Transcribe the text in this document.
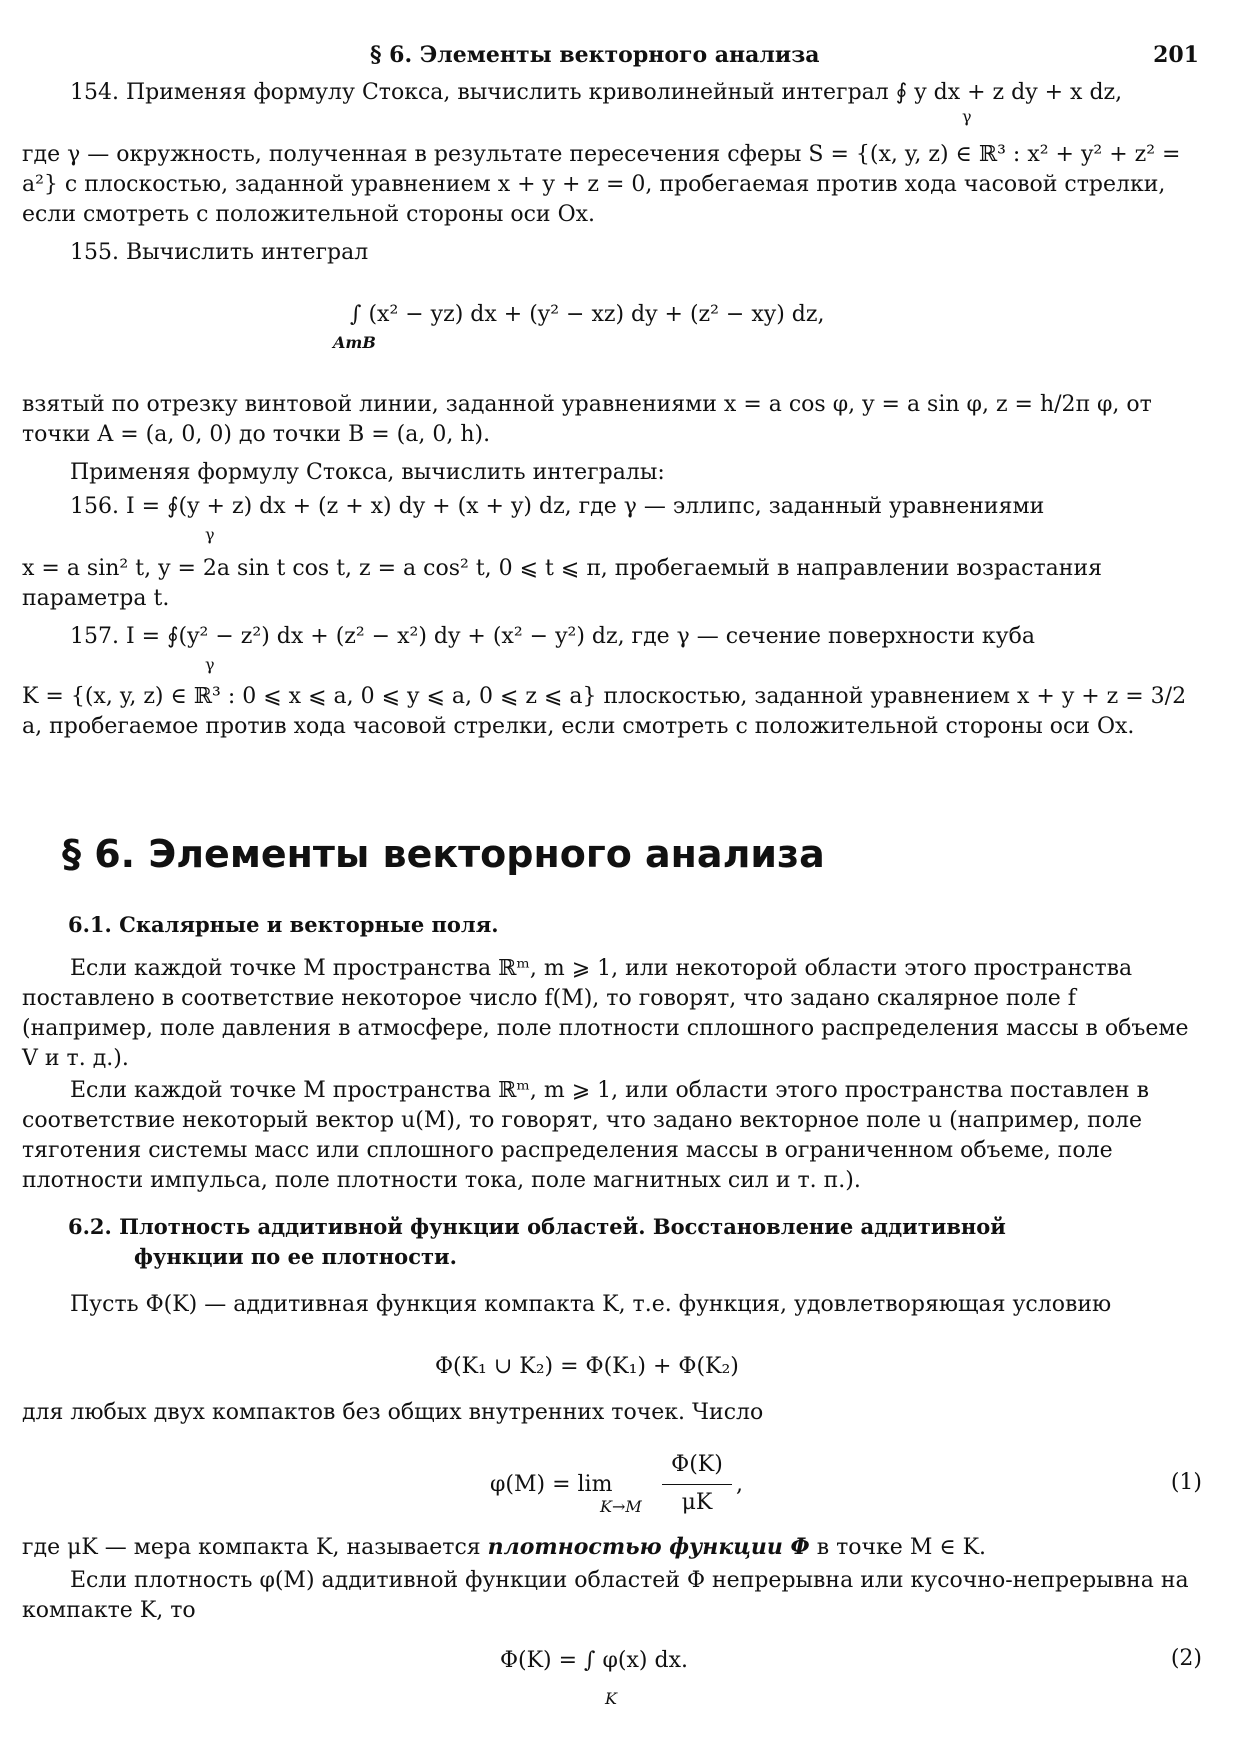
§ 6. Элементы векторного анализа	201
154. Применяя формулу Стокса, вычислить криволинейный интеграл ∮ y dx + z dy + x dz,
γ

где γ — окружность, полученная в результате пересечения сферы S = {(x, y, z) ∈ ℝ³ : x² + y² + z² = a²} с плоскостью, заданной уравнением x + y + z = 0, пробегаемая против хода часовой стрелки, если смотреть с положительной стороны оси Ox.

155. Вычислить интеграл
∫ (x² − yz) dx + (y² − xz) dy + (z² − xy) dz,
AmB

взятый по отрезку винтовой линии, заданной уравнениями x = a cos φ, y = a sin φ, z = h/2π φ, от точки A = (a, 0, 0) до точки B = (a, 0, h).

Применяя формулу Стокса, вычислить интегралы:
156. I = ∮(y + z) dx + (z + x) dy + (x + y) dz, где γ — эллипс, заданный уравнениями
γ

x = a sin² t, y = 2a sin t cos t, z = a cos² t, 0 ⩽ t ⩽ π, пробегаемый в направлении возрастания параметра t.

157. I = ∮(y² − z²) dx + (z² − x²) dy + (x² − y²) dz, где γ — сечение поверхности куба
γ

K = {(x, y, z) ∈ ℝ³ : 0 ⩽ x ⩽ a, 0 ⩽ y ⩽ a, 0 ⩽ z ⩽ a} плоскостью, заданной уравнением x + y + z = 3/2 a, пробегаемое против хода часовой стрелки, если смотреть с положительной стороны оси Ox.

§ 6. Элементы векторного анализа
6.1. Скалярные и векторные поля.

Если каждой точке M пространства ℝᵐ, m ⩾ 1, или некоторой области этого пространства поставлено в соответствие некоторое число f(M), то говорят, что задано скалярное поле f (например, поле давления в атмосфере, поле плотности сплошного распределения массы в объеме V и т. д.).

Если каждой точке M пространства ℝᵐ, m ⩾ 1, или области этого пространства поставлен в соответствие некоторый вектор u(M), то говорят, что задано векторное поле u (например, поле тяготения системы масс или сплошного распределения массы в ограниченном объеме, поле плотности импульса, поле плотности тока, поле магнитных сил и т. п.).

6.2. Плотность аддитивной функции областей. Восстановление аддитивной
функции по ее плотности.

Пусть Φ(K) — аддитивная функция компакта K, т.е. функция, удовлетворяющая условию

Φ(K₁ ∪ K₂) = Φ(K₁) + Φ(K₂)

для любых двух компактов без общих внутренних точек. Число

φ(M) = lim
K→M
Φ(K)
μK
,	(1)

где μK — мера компакта K, называется плотностью функции Φ в точке M ∈ K.

Если плотность φ(M) аддитивной функции областей Φ непрерывна или кусочно-непрерывна на компакте K, то

Φ(K) = ∫ φ(x) dx.
K
(2)
